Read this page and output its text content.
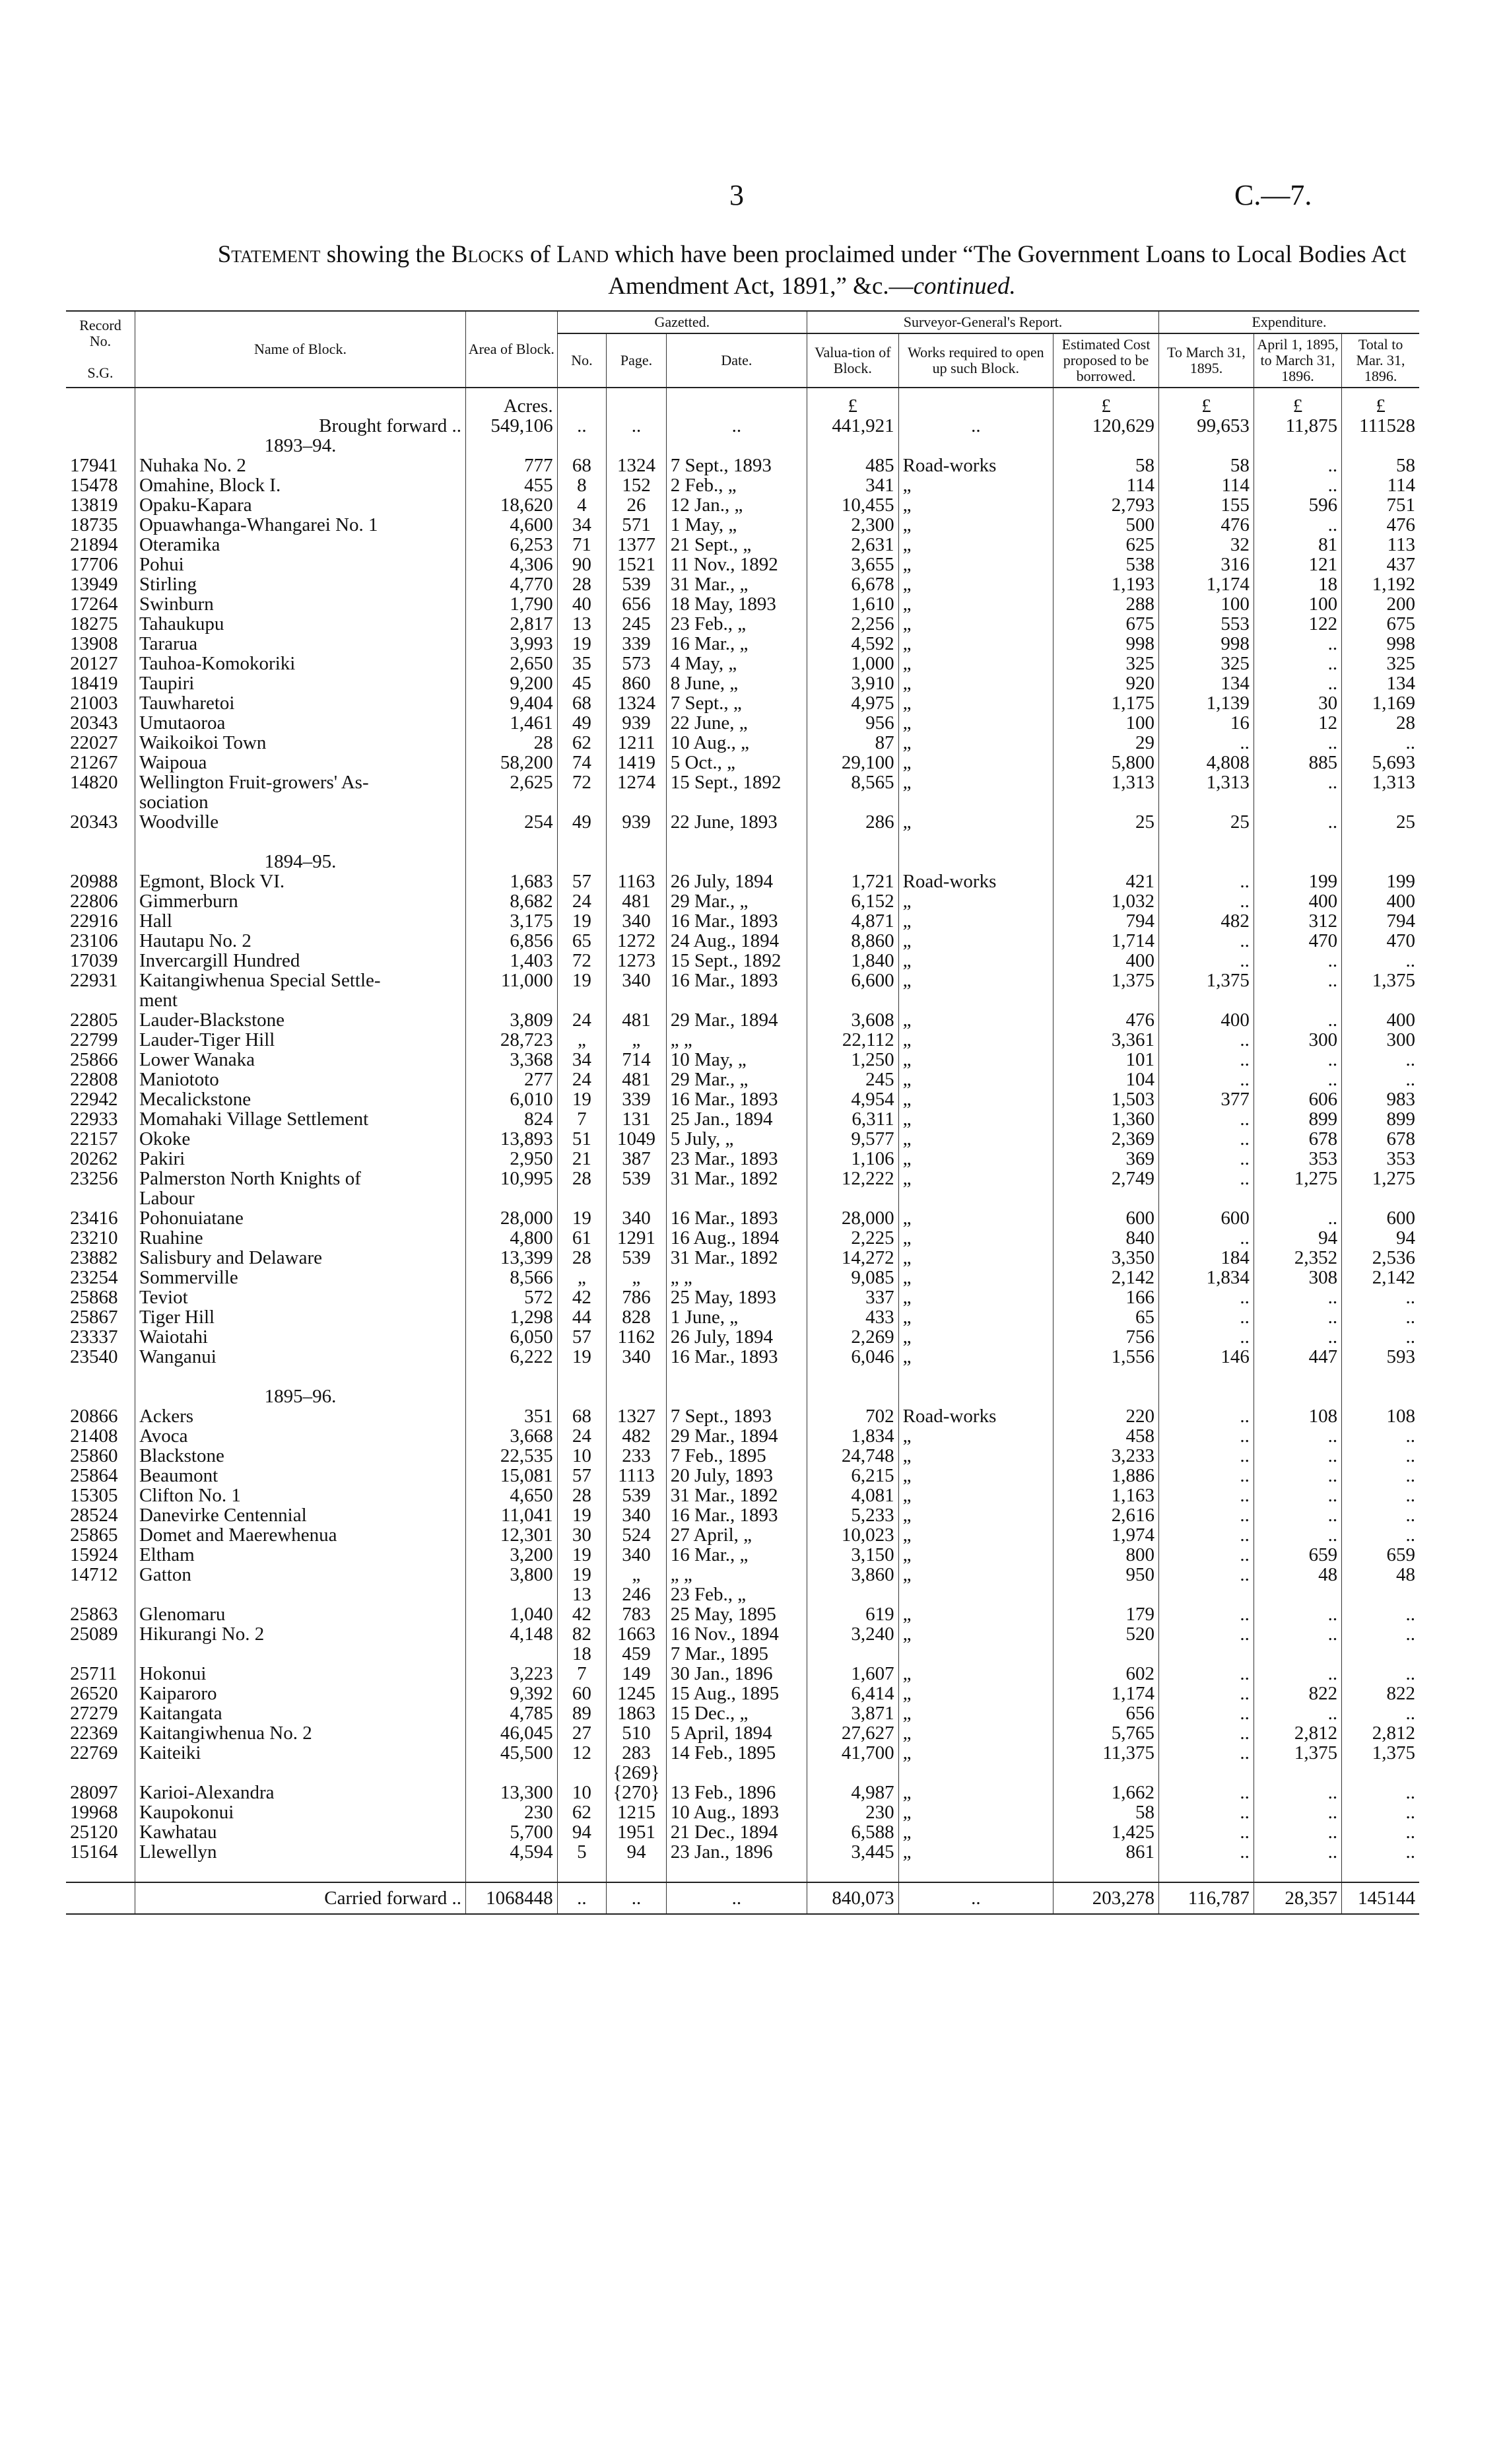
3	C.—7.
Statement showing the Blocks of Land which have been proclaimed under “The Government Loans to Local Bodies Act Amendment Act, 1891,” &c.—continued.
Record No.

S.G.	Name of Block.	Area of Block.	Gazetted.			Surveyor-General's Report.			Expenditure.		
			No.	Page.	Date.	Valua-tion of Block.	Works required to open up such Block.	Estimated Cost proposed to be borrowed.	To March 31, 1895.	April 1, 1895, to March 31, 1896.	Total to Mar. 31, 1896.
		Acres.				£		£	£	£	£
	Brought forward ..	549,106	..	..	..	441,921	..	120,629	99,653	11,875	111528
	1893–94.										
17941	Nuhaka No. 2	777	68	1324	7 Sept., 1893	485	Road-works	58	58	..	58
15478	Omahine, Block I.	455	8	152	2 Feb., „	341	„	114	114	..	114
13819	Opaku-Kapara	18,620	4	26	12 Jan., „	10,455	„	2,793	155	596	751
18735	Opuawhanga-Whangarei No. 1	4,600	34	571	1 May, „	2,300	„	500	476	..	476
21894	Oteramika	6,253	71	1377	21 Sept., „	2,631	„	625	32	81	113
17706	Pohui	4,306	90	1521	11 Nov., 1892	3,655	„	538	316	121	437
13949	Stirling	4,770	28	539	31 Mar., „	6,678	„	1,193	1,174	18	1,192
17264	Swinburn	1,790	40	656	18 May, 1893	1,610	„	288	100	100	200
18275	Tahaukupu	2,817	13	245	23 Feb., „	2,256	„	675	553	122	675
13908	Tararua	3,993	19	339	16 Mar., „	4,592	„	998	998	..	998
20127	Tauhoa-Komokoriki	2,650	35	573	4 May, „	1,000	„	325	325	..	325
18419	Taupiri	9,200	45	860	8 June, „	3,910	„	920	134	..	134
21003	Tauwharetoi	9,404	68	1324	7 Sept., „	4,975	„	1,175	1,139	30	1,169
20343	Umutaoroa	1,461	49	939	22 June, „	956	„	100	16	12	28
22027	Waikoikoi Town	28	62	1211	10 Aug., „	87	„	29	..	..	..
21267	Waipoua	58,200	74	1419	5 Oct., „	29,100	„	5,800	4,808	885	5,693
14820	Wellington Fruit-growers' As-	2,625	72	1274	15 Sept., 1892	8,565	„	1,313	1,313	..	1,313
	sociation										
20343	Woodville	254	49	939	22 June, 1893	286	„	25	25	..	25

	1894–95.										
20988	Egmont, Block VI.	1,683	57	1163	26 July, 1894	1,721	Road-works	421	..	199	199
22806	Gimmerburn	8,682	24	481	29 Mar., „	6,152	„	1,032	..	400	400
22916	Hall	3,175	19	340	16 Mar., 1893	4,871	„	794	482	312	794
23106	Hautapu No. 2	6,856	65	1272	24 Aug., 1894	8,860	„	1,714	..	470	470
17039	Invercargill Hundred	1,403	72	1273	15 Sept., 1892	1,840	„	400	..	..	..
22931	Kaitangiwhenua Special Settle-	11,000	19	340	16 Mar., 1893	6,600	„	1,375	1,375	..	1,375
	ment										
22805	Lauder-Blackstone	3,809	24	481	29 Mar., 1894	3,608	„	476	400	..	400
22799	Lauder-Tiger Hill	28,723	„	„	„ „	22,112	„	3,361	..	300	300
25866	Lower Wanaka	3,368	34	714	10 May, „	1,250	„	101	..	..	..
22808	Maniototo	277	24	481	29 Mar., „	245	„	104	..	..	..
22942	Mecalickstone	6,010	19	339	16 Mar., 1893	4,954	„	1,503	377	606	983
22933	Momahaki Village Settlement	824	7	131	25 Jan., 1894	6,311	„	1,360	..	899	899
22157	Okoke	13,893	51	1049	5 July, „	9,577	„	2,369	..	678	678
20262	Pakiri	2,950	21	387	23 Mar., 1893	1,106	„	369	..	353	353
23256	Palmerston North Knights of	10,995	28	539	31 Mar., 1892	12,222	„	2,749	..	1,275	1,275
	Labour										
23416	Pohonuiatane	28,000	19	340	16 Mar., 1893	28,000	„	600	600	..	600
23210	Ruahine	4,800	61	1291	16 Aug., 1894	2,225	„	840	..	94	94
23882	Salisbury and Delaware	13,399	28	539	31 Mar., 1892	14,272	„	3,350	184	2,352	2,536
23254	Sommerville	8,566	„	„	„ „	9,085	„	2,142	1,834	308	2,142
25868	Teviot	572	42	786	25 May, 1893	337	„	166	..	..	..
25867	Tiger Hill	1,298	44	828	1 June, „	433	„	65	..	..	..
23337	Waiotahi	6,050	57	1162	26 July, 1894	2,269	„	756	..	..	..
23540	Wanganui	6,222	19	340	16 Mar., 1893	6,046	„	1,556	146	447	593

	1895–96.										
20866	Ackers	351	68	1327	7 Sept., 1893	702	Road-works	220	..	108	108
21408	Avoca	3,668	24	482	29 Mar., 1894	1,834	„	458	..	..	..
25860	Blackstone	22,535	10	233	7 Feb., 1895	24,748	„	3,233	..	..	..
25864	Beaumont	15,081	57	1113	20 July, 1893	6,215	„	1,886	..	..	..
15305	Clifton No. 1	4,650	28	539	31 Mar., 1892	4,081	„	1,163	..	..	..
28524	Danevirke Centennial	11,041	19	340	16 Mar., 1893	5,233	„	2,616	..	..	..
25865	Domet and Maerewhenua	12,301	30	524	27 April, „	10,023	„	1,974	..	..	..
15924	Eltham	3,200	19	340	16 Mar., „	3,150	„	800	..	659	659
14712	Gatton	3,800	19	„	„ „	3,860	„	950	..	48	48
			13	246	23 Feb., „						
25863	Glenomaru	1,040	42	783	25 May, 1895	619	„	179	..	..	..
25089	Hikurangi No. 2	4,148	82	1663	16 Nov., 1894	3,240	„	520	..	..	..
			18	459	7 Mar., 1895						
25711	Hokonui	3,223	7	149	30 Jan., 1896	1,607	„	602	..	..	..
26520	Kaiparoro	9,392	60	1245	15 Aug., 1895	6,414	„	1,174	..	822	822
27279	Kaitangata	4,785	89	1863	15 Dec., „	3,871	„	656	..	..	..
22369	Kaitangiwhenua No. 2	46,045	27	510	5 April, 1894	27,627	„	5,765	..	2,812	2,812
22769	Kaiteiki	45,500	12	283	14 Feb., 1895	41,700	„	11,375	..	1,375	1,375
				{269}							
28097	Karioi-Alexandra	13,300	10	{270}	13 Feb., 1896	4,987	„	1,662	..	..	..
19968	Kaupokonui	230	62	1215	10 Aug., 1893	230	„	58	..	..	..
25120	Kawhatau	5,700	94	1951	21 Dec., 1894	6,588	„	1,425	..	..	..
15164	Llewellyn	4,594	5	94	23 Jan., 1896	3,445	„	861	..	..	..

	Carried forward ..	1068448	..	..	..	840,073	..	203,278	116,787	28,357	145144
